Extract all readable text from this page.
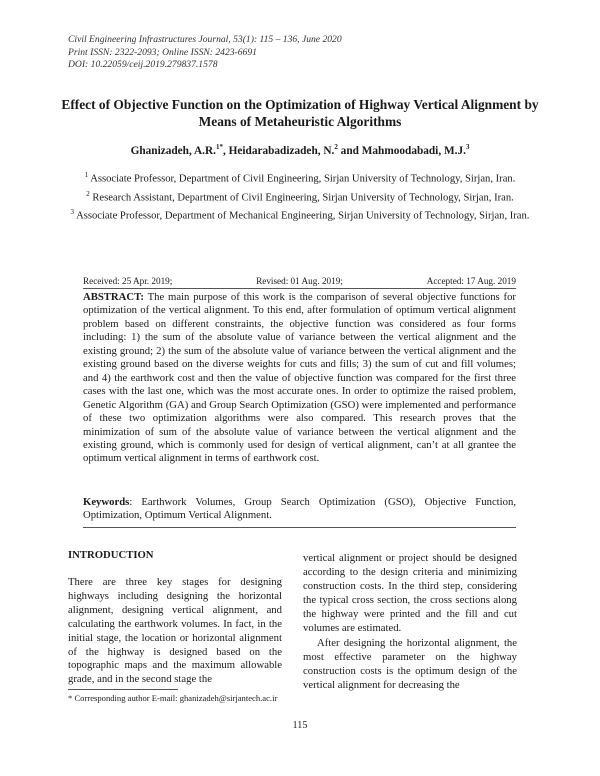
Civil Engineering Infrastructures Journal, 53(1): 115 – 136, June 2020
Print ISSN: 2322-2093; Online ISSN: 2423-6691
DOI: 10.22059/ceij.2019.279837.1578
Effect of Objective Function on the Optimization of Highway Vertical Alignment by Means of Metaheuristic Algorithms
Ghanizadeh, A.R.$^{1*}$, Heidarabadizadeh, N.$^2$ and Mahmoodabadi, M.J.$^3$
$^1$ Associate Professor, Department of Civil Engineering, Sirjan University of Technology, Sirjan, Iran.
$^2$ Research Assistant, Department of Civil Engineering, Sirjan University of Technology, Sirjan, Iran.
$^3$ Associate Professor, Department of Mechanical Engineering, Sirjan University of Technology, Sirjan, Iran.
Received: 25 Apr. 2019;	Revised: 01 Aug. 2019;	Accepted: 17 Aug. 2019
ABSTRACT: The main purpose of this work is the comparison of several objective functions for optimization of the vertical alignment. To this end, after formulation of optimum vertical alignment problem based on different constraints, the objective function was considered as four forms including: 1) the sum of the absolute value of variance between the vertical alignment and the existing ground; 2) the sum of the absolute value of variance between the vertical alignment and the existing ground based on the diverse weights for cuts and fills; 3) the sum of cut and fill volumes; and 4) the earthwork cost and then the value of objective function was compared for the first three cases with the last one, which was the most accurate ones. In order to optimize the raised problem, Genetic Algorithm (GA) and Group Search Optimization (GSO) were implemented and performance of these two optimization algorithms were also compared. This research proves that the minimization of sum of the absolute value of variance between the vertical alignment and the existing ground, which is commonly used for design of vertical alignment, can’t at all grantee the optimum vertical alignment in terms of earthwork cost.
Keywords: Earthwork Volumes, Group Search Optimization (GSO), Objective Function, Optimization, Optimum Vertical Alignment.
INTRODUCTION

There are three key stages for designing highways including designing the horizontal alignment, designing vertical alignment, and calculating the earthwork volumes. In fact, in the initial stage, the location or horizontal alignment of the highway is designed based on the topographic maps and the maximum allowable grade, and in the second stage the

vertical alignment or project should be designed according to the design criteria and minimizing construction costs. In the third step, considering the typical cross section, the cross sections along the highway were printed and the fill and cut volumes are estimated.

After designing the horizontal alignment, the most effective parameter on the highway construction costs is the optimum design of the vertical alignment for decreasing the

* Corresponding author E-mail: ghanizadeh@sirjantech.ac.ir
115
